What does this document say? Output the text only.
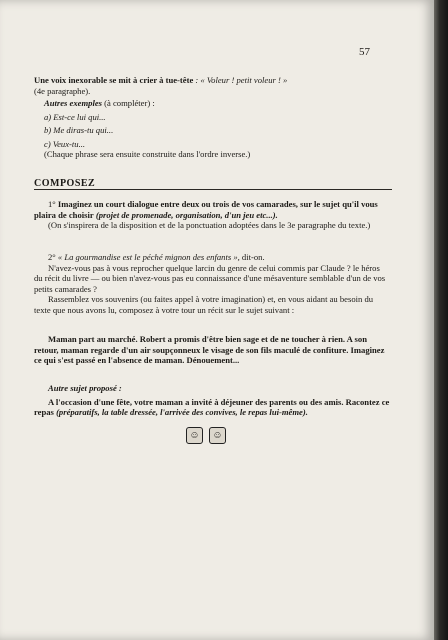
57
Une voix inexorable se mit à crier à tue-tête : « Voleur ! petit voleur ! »
(4e paragraphe).
Autres exemples (à compléter) :
a) Est-ce lui qui...
b) Me diras-tu qui...
c) Veux-tu...
(Chaque phrase sera ensuite construite dans l'ordre inverse.)
COMPOSEZ

1° Imaginez un court dialogue entre deux ou trois de vos camarades, sur le sujet qu'il vous plaira de choisir (projet de promenade, organisation, d'un jeu etc...).

(On s'inspirera de la disposition et de la ponctuation adoptées dans le 3e paragraphe du texte.)

2° « La gourmandise est le péché mignon des enfants », dit-on.

N'avez-vous pas à vous reprocher quelque larcin du genre de celui commis par Claude ? le héros du récit du livre — ou bien n'avez-vous pas eu connaissance d'une mésaventure semblable d'un de vos petits camarades ?

Rassemblez vos souvenirs (ou faites appel à votre imagination) et, en vous aidant au besoin du texte que nous avons lu, composez à votre tour un récit sur le sujet suivant :

Maman part au marché. Robert a promis d'être bien sage et de ne toucher à rien. A son retour, maman regarde d'un air soupçonneux le visage de son fils maculé de confiture. Imaginez ce qui s'est passé en l'absence de maman. Dénouement...

Autre sujet proposé :

A l'occasion d'une fête, votre maman a invité à déjeuner des parents ou des amis. Racontez ce repas (préparatifs, la table dressée, l'arrivée des convives, le repas lui-même).

☺	☺
